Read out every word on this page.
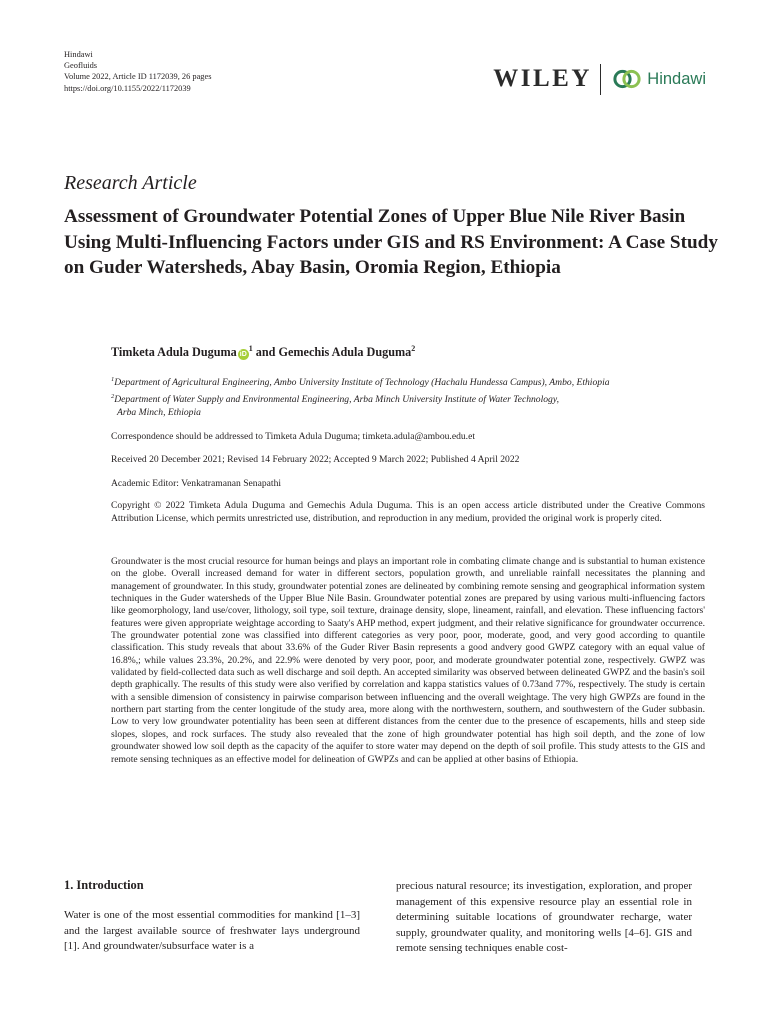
Hindawi
Geofluids
Volume 2022, Article ID 1172039, 26 pages
https://doi.org/10.1155/2022/1172039	WILEY	Hindawi
Research Article
Assessment of Groundwater Potential Zones of Upper Blue Nile River Basin Using Multi-Influencing Factors under GIS and RS Environment: A Case Study on Guder Watersheds, Abay Basin, Oromia Region, Ethiopia
Timketa Adula Duguma $iD^1$ and Gemechis Adula Duguma$^2$
$^1$Department of Agricultural Engineering, Ambo University Institute of Technology (Hachalu Hundessa Campus), Ambo, Ethiopia
$^2$Department of Water Supply and Environmental Engineering, Arba Minch University Institute of Water Technology,
Arba Minch, Ethiopia
Correspondence should be addressed to Timketa Adula Duguma; timketa.adula@ambou.edu.et
Received 20 December 2021; Revised 14 February 2022; Accepted 9 March 2022; Published 4 April 2022
Academic Editor: Venkatramanan Senapathi

Copyright © 2022 Timketa Adula Duguma and Gemechis Adula Duguma. This is an open access article distributed under the Creative Commons Attribution License, which permits unrestricted use, distribution, and reproduction in any medium, provided the original work is properly cited.

Groundwater is the most crucial resource for human beings and plays an important role in combating climate change and is substantial to human existence on the globe. Overall increased demand for water in different sectors, population growth, and unreliable rainfall necessitates the planning and management of groundwater. In this study, groundwater potential zones are delineated by combining remote sensing and geographical information system techniques in the Guder watersheds of the Upper Blue Nile Basin. Groundwater potential zones are prepared by using various multi-influencing factors like geomorphology, land use/cover, lithology, soil type, soil texture, drainage density, slope, lineament, rainfall, and elevation. These influencing factors' features were given appropriate weightage according to Saaty's AHP method, expert judgment, and their relative significance for groundwater occurrence. The groundwater potential zone was classified into different categories as very poor, poor, moderate, good, and very good according to quantile classification. This study reveals that about 33.6% of the Guder River Basin represents a good andvery good GWPZ category with an equal value of 16.8%,; while values 23.3%, 20.2%, and 22.9% were denoted by very poor, poor, and moderate groundwater potential zone, respectively. GWPZ was validated by field-collected data such as well discharge and soil depth. An accepted similarity was observed between delineated GWPZ and the basin's soil depth graphically. The results of this study were also verified by correlation and kappa statistics values of 0.73and 77%, respectively. The study is certain with a sensible dimension of consistency in pairwise comparison between influencing and the overall weightage. The very high GWPZs are found in the northern part starting from the center longitude of the study area, more along with the northwestern, southern, and southwestern of the Guder subbasin. Low to very low groundwater potentiality has been seen at different distances from the center due to the presence of escapements, hills and steep side slopes, slopes, and rock surfaces. The study also revealed that the zone of high groundwater potential has high soil depth, and the zone of low groundwater showed low soil depth as the capacity of the aquifer to store water may depend on the depth of soil profile. This study attests to the GIS and remote sensing techniques as an effective model for delineation of GWPZs and can be applied at other basins of Ethiopia.

1. Introduction

Water is one of the most essential commodities for mankind [1–3] and the largest available source of freshwater lays underground [1]. And groundwater/subsurface water is a

precious natural resource; its investigation, exploration, and proper management of this expensive resource play an essential role in determining suitable locations of groundwater recharge, water supply, groundwater quality, and monitoring wells [4–6]. GIS and remote sensing techniques enable cost-
